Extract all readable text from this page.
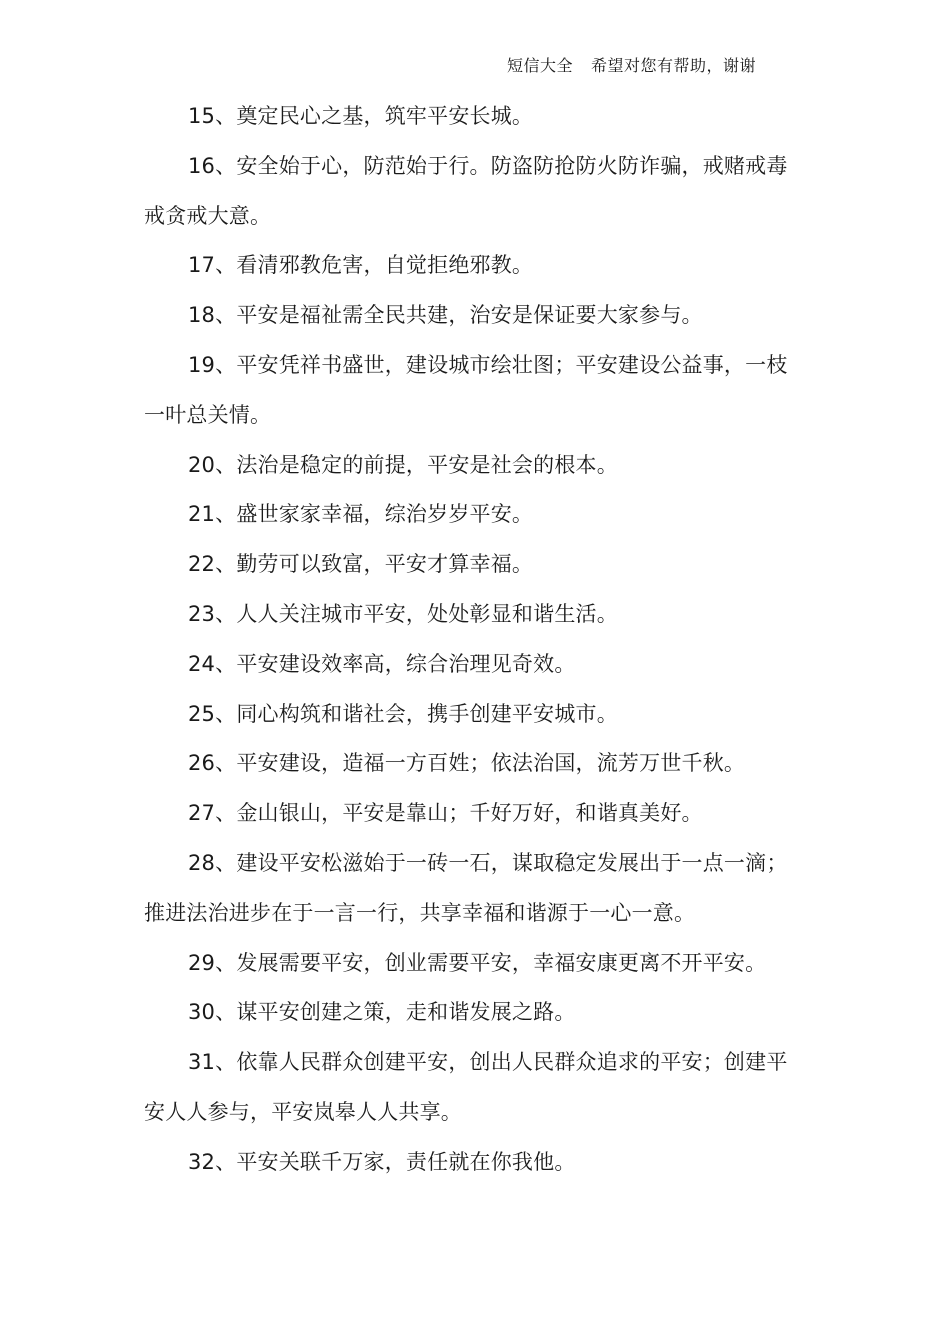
短信大全 希望对您有帮助，谢谢

15、奠定民心之基，筑牢平安长城。

16、安全始于心，防范始于行。防盗防抢防火防诈骗，戒赌戒毒戒贪戒大意。

17、看清邪教危害，自觉拒绝邪教。

18、平安是福祉需全民共建，治安是保证要大家参与。

19、平安凭祥书盛世，建设城市绘壮图；平安建设公益事，一枝一叶总关情。

20、法治是稳定的前提，平安是社会的根本。

21、盛世家家幸福，综治岁岁平安。

22、勤劳可以致富，平安才算幸福。

23、人人关注城市平安，处处彰显和谐生活。

24、平安建设效率高，综合治理见奇效。

25、同心构筑和谐社会，携手创建平安城市。

26、平安建设，造福一方百姓；依法治国，流芳万世千秋。

27、金山银山，平安是靠山；千好万好，和谐真美好。

28、建设平安松滋始于一砖一石，谋取稳定发展出于一点一滴；推进法治进步在于一言一行，共享幸福和谐源于一心一意。

29、发展需要平安，创业需要平安，幸福安康更离不开平安。

30、谋平安创建之策，走和谐发展之路。

31、依靠人民群众创建平安，创出人民群众追求的平安；创建平安人人参与，平安岚皋人人共享。

32、平安关联千万家，责任就在你我他。
